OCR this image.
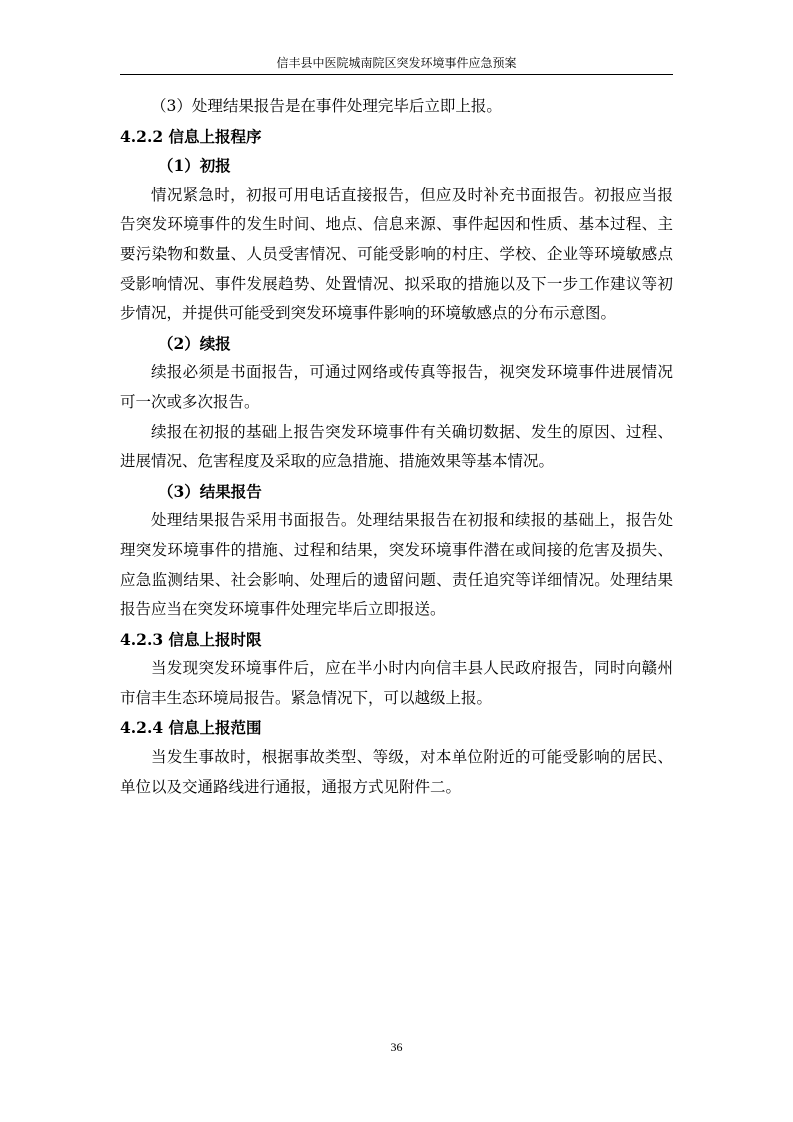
信丰县中医院城南院区突发环境事件应急预案

（3）处理结果报告是在事件处理完毕后立即上报。

4.2.2 信息上报程序

（1）初报

情况紧急时，初报可用电话直接报告，但应及时补充书面报告。初报应当报告突发环境事件的发生时间、地点、信息来源、事件起因和性质、基本过程、主要污染物和数量、人员受害情况、可能受影响的村庄、学校、企业等环境敏感点受影响情况、事件发展趋势、处置情况、拟采取的措施以及下一步工作建议等初步情况，并提供可能受到突发环境事件影响的环境敏感点的分布示意图。

（2）续报

续报必须是书面报告，可通过网络或传真等报告，视突发环境事件进展情况可一次或多次报告。

续报在初报的基础上报告突发环境事件有关确切数据、发生的原因、过程、进展情况、危害程度及采取的应急措施、措施效果等基本情况。

（3）结果报告

处理结果报告采用书面报告。处理结果报告在初报和续报的基础上，报告处理突发环境事件的措施、过程和结果，突发环境事件潜在或间接的危害及损失、应急监测结果、社会影响、处理后的遗留问题、责任追究等详细情况。处理结果报告应当在突发环境事件处理完毕后立即报送。

4.2.3 信息上报时限

当发现突发环境事件后，应在半小时内向信丰县人民政府报告，同时向赣州市信丰生态环境局报告。紧急情况下，可以越级上报。

4.2.4 信息上报范围

当发生事故时，根据事故类型、等级，对本单位附近的可能受影响的居民、单位以及交通路线进行通报，通报方式见附件二。

36
